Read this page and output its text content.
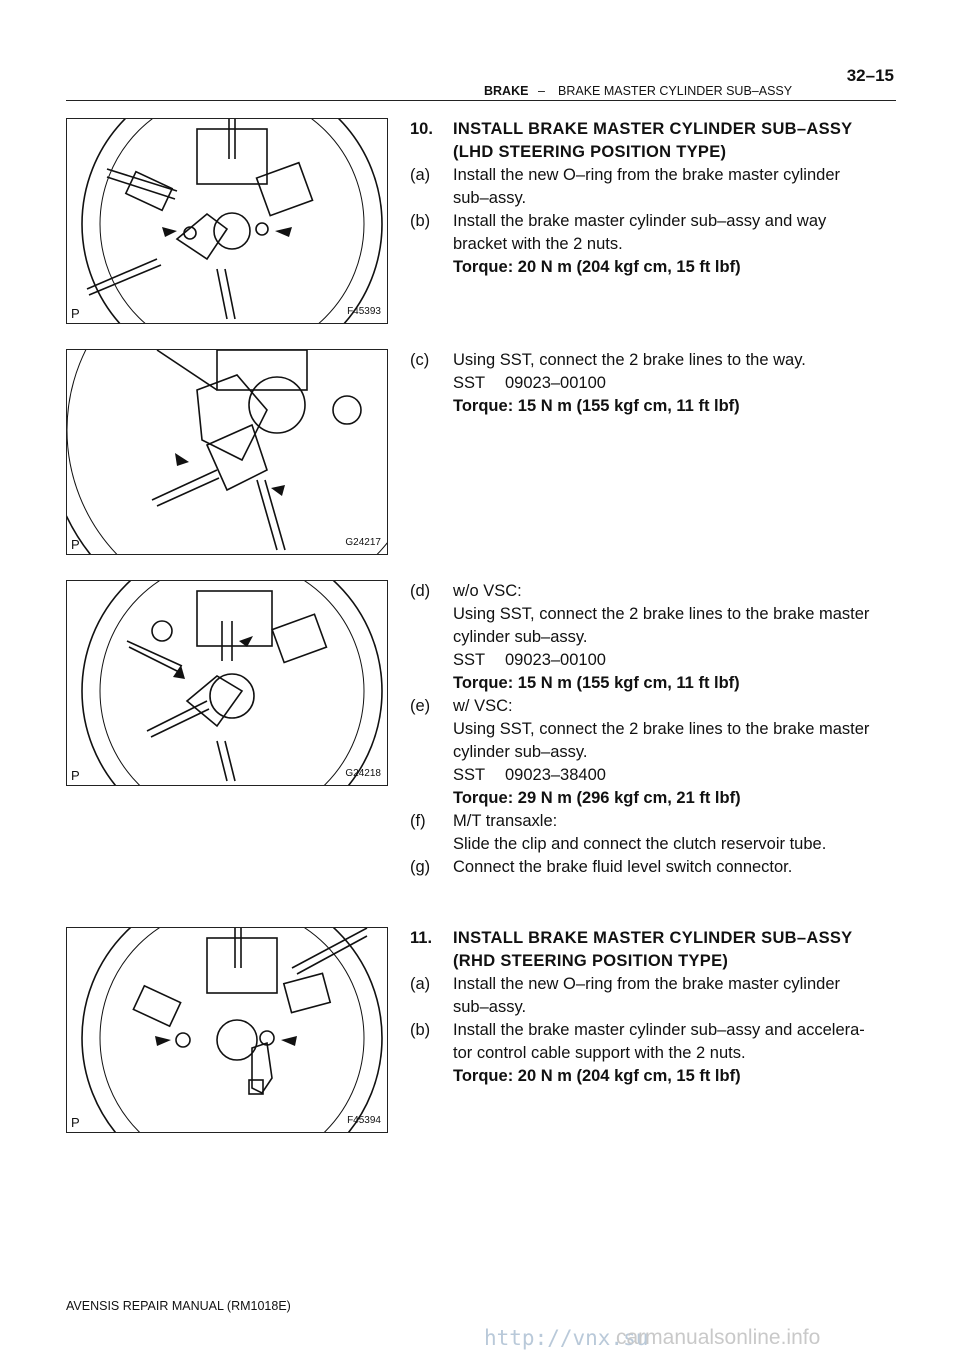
BRAKE – BRAKE MASTER CYLINDER SUB–ASSY
32–15
P	F45393
P	G24217
P	G24218
P	F45394
10. INSTALL BRAKE MASTER CYLINDER SUB–ASSY
(LHD STEERING POSITION TYPE)
(a) Install the new O–ring from the brake master cylinder
sub–assy.
(b) Install the brake master cylinder sub–assy and way
bracket with the 2 nuts.
Torque: 20 N m (204 kgf cm, 15 ft lbf)
(c) Using SST, connect the 2 brake lines to the way.
SST	09023–00100
Torque: 15 N m (155 kgf cm, 11 ft lbf)
(d) w/o VSC:
Using SST, connect the 2 brake lines to the brake master
cylinder sub–assy.
SST	09023–00100
Torque: 15 N m (155 kgf cm, 11 ft lbf)
(e) w/ VSC:
Using SST, connect the 2 brake lines to the brake master
cylinder sub–assy.
SST	09023–38400
Torque: 29 N m (296 kgf cm, 21 ft lbf)
(f) M/T transaxle:
Slide the clip and connect the clutch reservoir tube.
(g) Connect the brake fluid level switch connector.
11. INSTALL BRAKE MASTER CYLINDER SUB–ASSY
(RHD STEERING POSITION TYPE)
(a) Install the new O–ring from the brake master cylinder
sub–assy.
(b) Install the brake master cylinder sub–assy and accelera-
tor control cable support with the 2 nuts.
Torque: 20 N m (204 kgf cm, 15 ft lbf)
AVENSIS REPAIR MANUAL (RM1018E)
http://vnx.su
carmanualsonline.info
